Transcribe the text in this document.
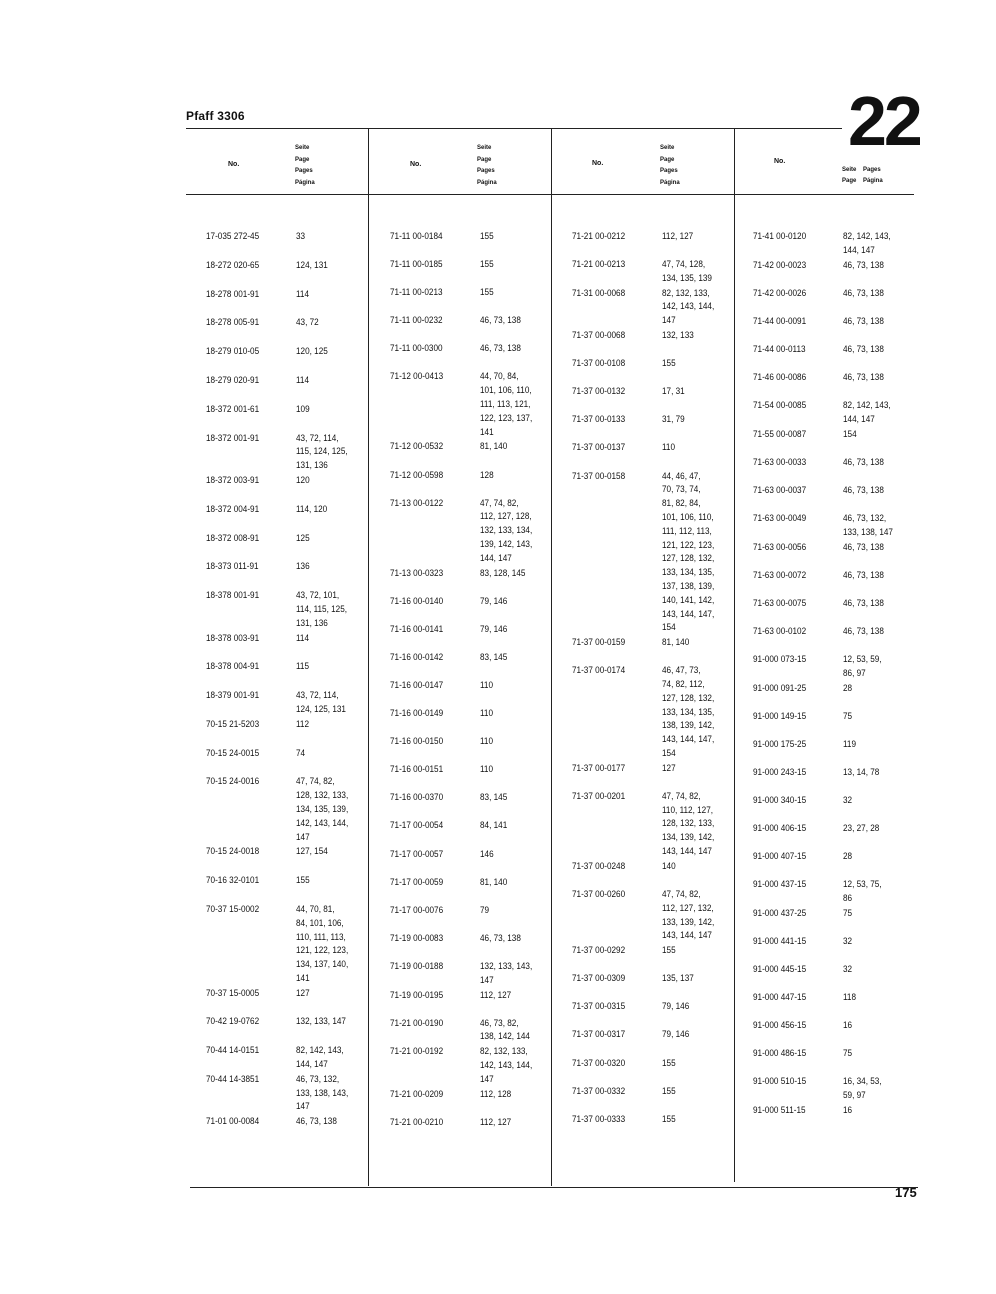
Pfaff 3306	22
No.
Seite
Page
Pages
Página
No.
Seite
Page
Pages
Página
No.
Seite
Page
Pages
Página
No.
Seite Pages
Page Página
17-035 272-45	33
18-272 020-65	124, 131
18-278 001-91	114
18-278 005-91	43, 72
18-279 010-05	120, 125
18-279 020-91	114
18-372 001-61	109
18-372 001-91	43, 72, 114,
115, 124, 125,
131, 136
18-372 003-91	120
18-372 004-91	114, 120
18-372 008-91	125
18-373 011-91	136
18-378 001-91	43, 72, 101,
114, 115, 125,
131, 136
18-378 003-91	114
18-378 004-91	115
18-379 001-91	43, 72, 114,
124, 125, 131
70-15 21-5203	112
70-15 24-0015	74
70-15 24-0016	47, 74, 82,
128, 132, 133,
134, 135, 139,
142, 143, 144,
147
70-15 24-0018	127, 154
70-16 32-0101	155
70-37 15-0002	44, 70, 81,
84, 101, 106,
110, 111, 113,
121, 122, 123,
134, 137, 140,
141
70-37 15-0005	127
70-42 19-0762	132, 133, 147
70-44 14-0151	82, 142, 143,
144, 147
70-44 14-3851	46, 73, 132,
133, 138, 143,
147
71-01 00-0084	46, 73, 138
71-11 00-0184	155
71-11 00-0185	155
71-11 00-0213	155
71-11 00-0232	46, 73, 138
71-11 00-0300	46, 73, 138
71-12 00-0413	44, 70, 84,
101, 106, 110,
111, 113, 121,
122, 123, 137,
141
71-12 00-0532	81, 140
71-12 00-0598	128
71-13 00-0122	47, 74, 82,
112, 127, 128,
132, 133, 134,
139, 142, 143,
144, 147
71-13 00-0323	83, 128, 145
71-16 00-0140	79, 146
71-16 00-0141	79, 146
71-16 00-0142	83, 145
71-16 00-0147	110
71-16 00-0149	110
71-16 00-0150	110
71-16 00-0151	110
71-16 00-0370	83, 145
71-17 00-0054	84, 141
71-17 00-0057	146
71-17 00-0059	81, 140
71-17 00-0076	79
71-19 00-0083	46, 73, 138
71-19 00-0188	132, 133, 143,
147
71-19 00-0195	112, 127
71-21 00-0190	46, 73, 82,
138, 142, 144
71-21 00-0192	82, 132, 133,
142, 143, 144,
147
71-21 00-0209	112, 128
71-21 00-0210	112, 127
71-21 00-0212	112, 127
71-21 00-0213	47, 74, 128,
134, 135, 139
71-31 00-0068	82, 132, 133,
142, 143, 144,
147
71-37 00-0068	132, 133
71-37 00-0108	155
71-37 00-0132	17, 31
71-37 00-0133	31, 79
71-37 00-0137	110
71-37 00-0158	44, 46, 47,
70, 73, 74,
81, 82, 84,
101, 106, 110,
111, 112, 113,
121, 122, 123,
127, 128, 132,
133, 134, 135,
137, 138, 139,
140, 141, 142,
143, 144, 147,
154
71-37 00-0159	81, 140
71-37 00-0174	46, 47, 73,
74, 82, 112,
127, 128, 132,
133, 134, 135,
138, 139, 142,
143, 144, 147,
154
71-37 00-0177	127
71-37 00-0201	47, 74, 82,
110, 112, 127,
128, 132, 133,
134, 139, 142,
143, 144, 147
71-37 00-0248	140
71-37 00-0260	47, 74, 82,
112, 127, 132,
133, 139, 142,
143, 144, 147
71-37 00-0292	155
71-37 00-0309	135, 137
71-37 00-0315	79, 146
71-37 00-0317	79, 146
71-37 00-0320	155
71-37 00-0332	155
71-37 00-0333	155
71-41 00-0120	82, 142, 143,
144, 147
71-42 00-0023	46, 73, 138
71-42 00-0026	46, 73, 138
71-44 00-0091	46, 73, 138
71-44 00-0113	46, 73, 138
71-46 00-0086	46, 73, 138
71-54 00-0085	82, 142, 143,
144, 147
71-55 00-0087	154
71-63 00-0033	46, 73, 138
71-63 00-0037	46, 73, 138
71-63 00-0049	46, 73, 132,
133, 138, 147
71-63 00-0056	46, 73, 138
71-63 00-0072	46, 73, 138
71-63 00-0075	46, 73, 138
71-63 00-0102	46, 73, 138
91-000 073-15	12, 53, 59,
86, 97
91-000 091-25	28
91-000 149-15	75
91-000 175-25	119
91-000 243-15	13, 14, 78
91-000 340-15	32
91-000 406-15	23, 27, 28
91-000 407-15	28
91-000 437-15	12, 53, 75,
86
91-000 437-25	75
91-000 441-15	32
91-000 445-15	32
91-000 447-15	118
91-000 456-15	16
91-000 486-15	75
91-000 510-15	16, 34, 53,
59, 97
91-000 511-15	16
175
